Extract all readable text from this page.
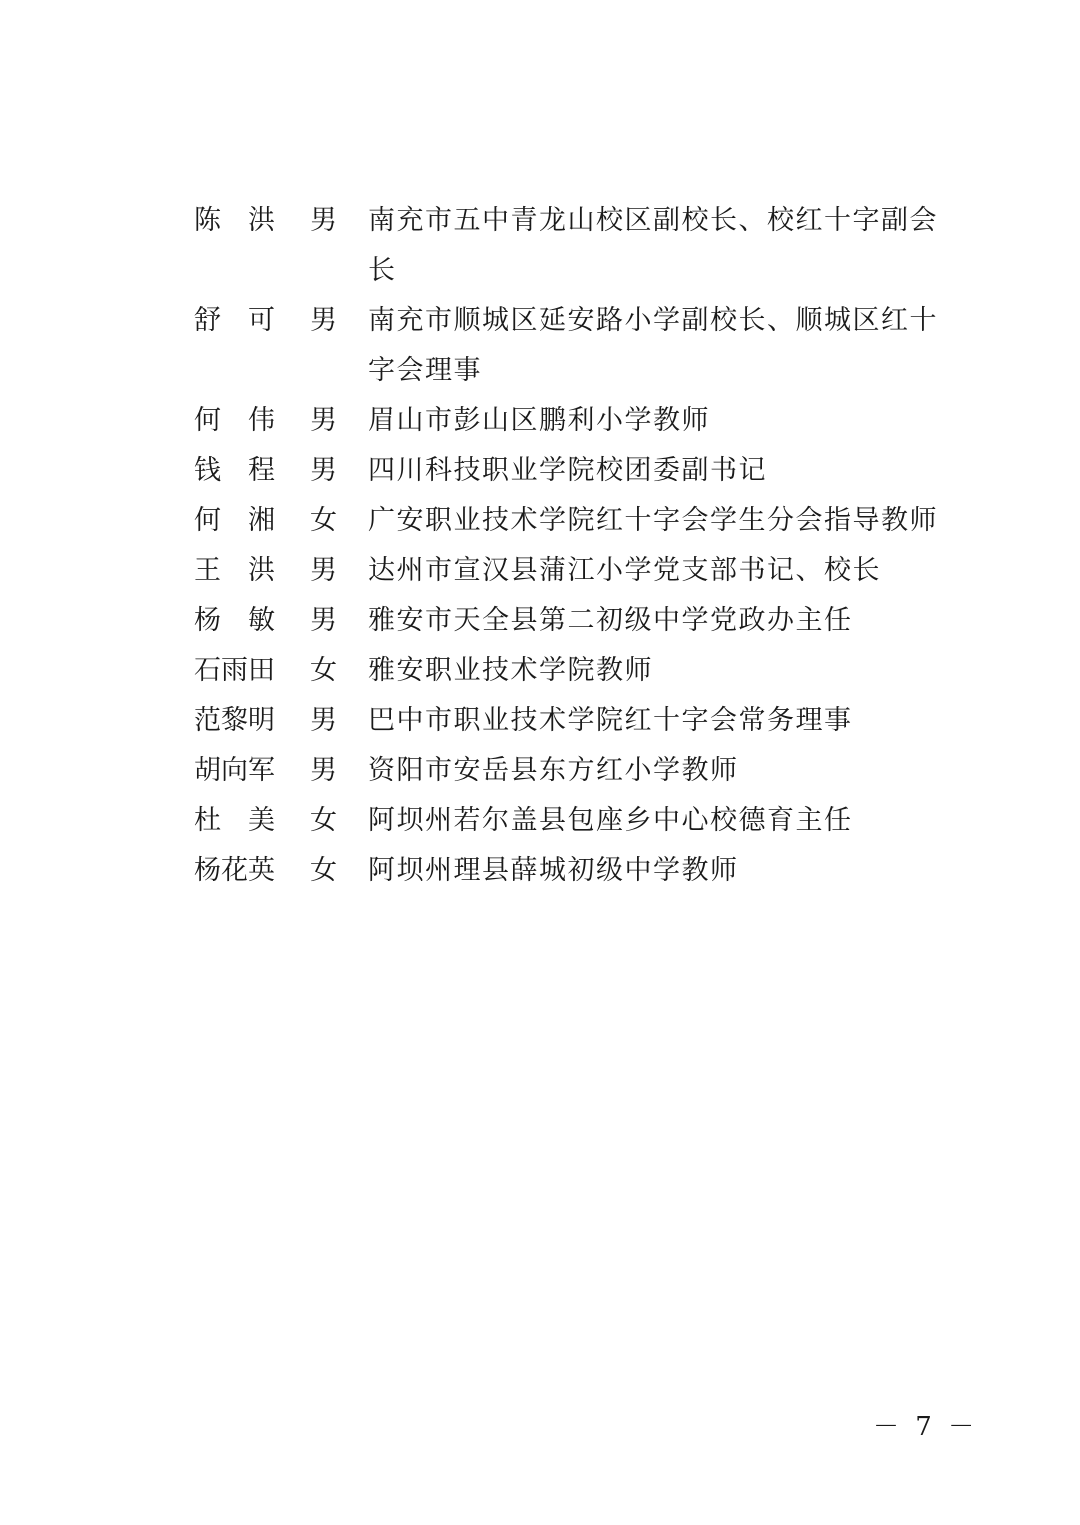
陈　洪	男	南充市五中青龙山校区副校长、校红十字副会长
舒　可	男	南充市顺城区延安路小学副校长、顺城区红十字会理事
何　伟	男	眉山市彭山区鹏利小学教师
钱　程	男	四川科技职业学院校团委副书记
何　湘	女	广安职业技术学院红十字会学生分会指导教师
王　洪	男	达州市宣汉县蒲江小学党支部书记、校长
杨　敏	男	雅安市天全县第二初级中学党政办主任
石雨田	女	雅安职业技术学院教师
范黎明	男	巴中市职业技术学院红十字会常务理事
胡向军	男	资阳市安岳县东方红小学教师
杜　美	女	阿坝州若尔盖县包座乡中心校德育主任
杨花英	女	阿坝州理县薛城初级中学教师
－ 7 －
